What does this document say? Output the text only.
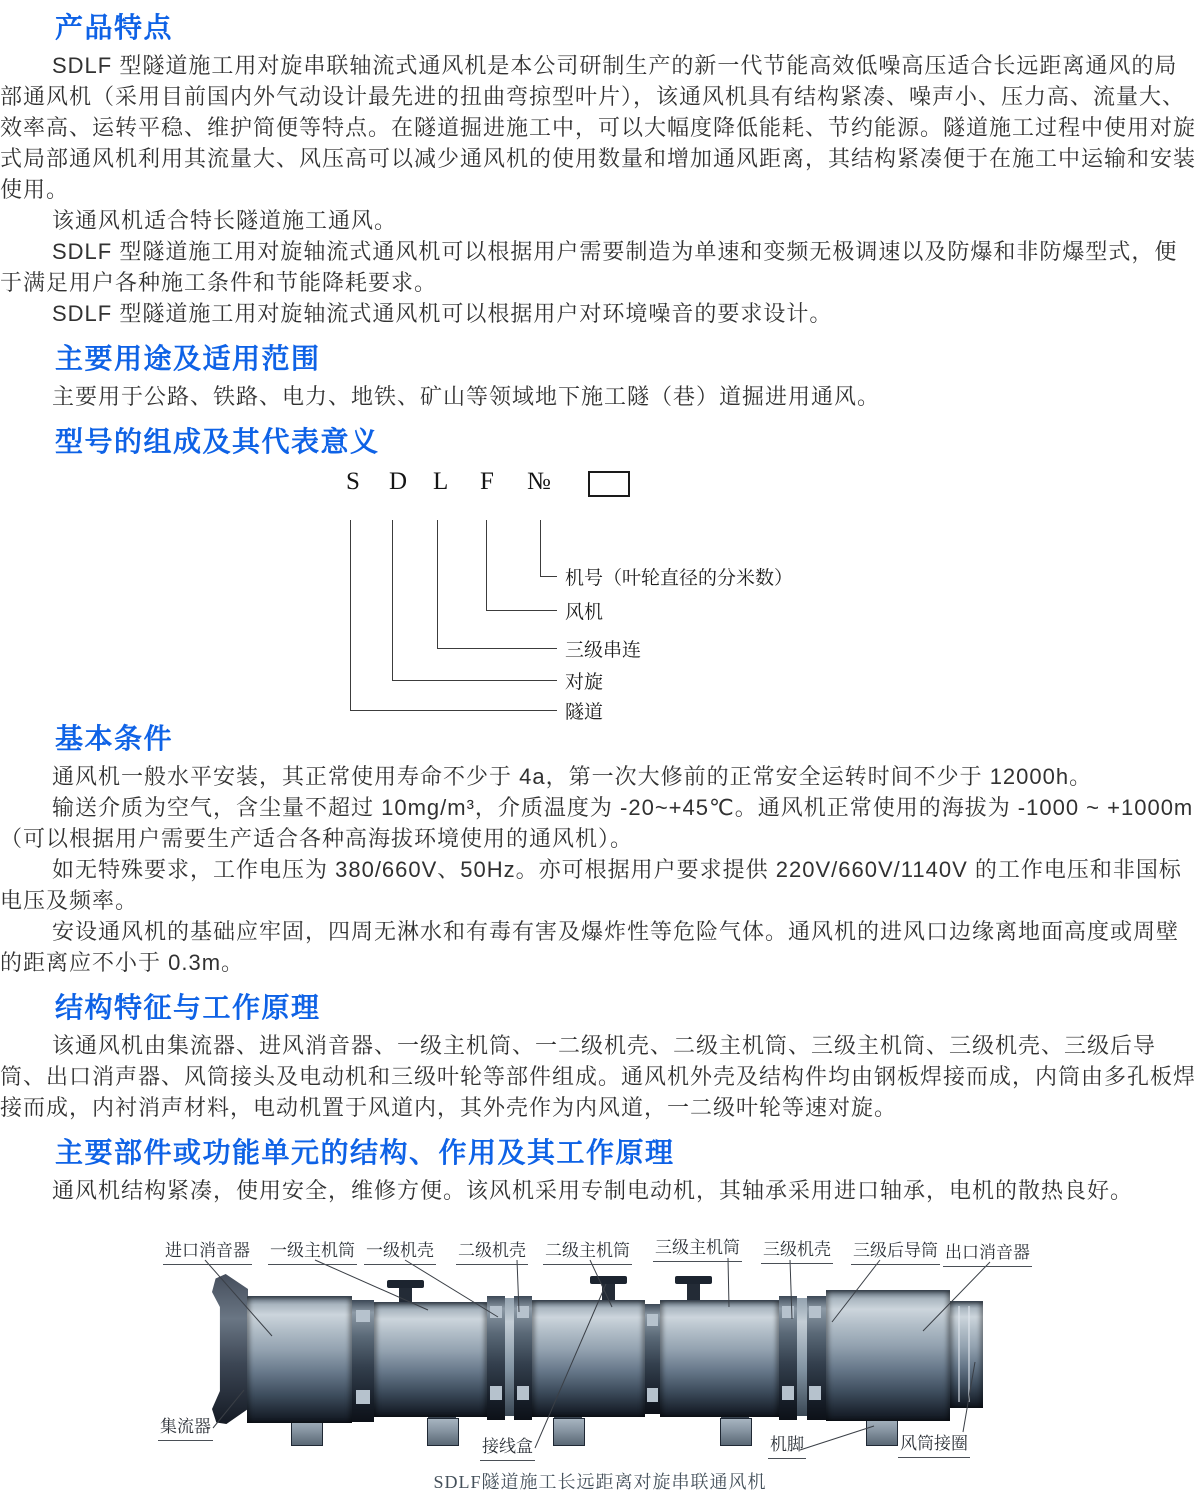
产品特点

SDLF 型隧道施工用对旋串联轴流式通风机是本公司研制生产的新一代节能高效低噪高压适合长远距离通风的局部通风机（采用目前国内外气动设计最先进的扭曲弯掠型叶片），该通风机具有结构紧凑、噪声小、压力高、流量大、效率高、运转平稳、维护简便等特点。在隧道掘进施工中，可以大幅度降低能耗、节约能源。隧道施工过程中使用对旋式局部通风机利用其流量大、风压高可以减少通风机的使用数量和增加通风距离，其结构紧凑便于在施工中运输和安装使用。

该通风机适合特长隧道施工通风。

SDLF 型隧道施工用对旋轴流式通风机可以根据用户需要制造为单速和变频无极调速以及防爆和非防爆型式，便于满足用户各种施工条件和节能降耗要求。

SDLF 型隧道施工用对旋轴流式通风机可以根据用户对环境噪音的要求设计。

主要用途及适用范围

主要用于公路、铁路、电力、地铁、矿山等领域地下施工隧（巷）道掘进用通风。

型号的组成及其代表意义
S D L F №
机号（叶轮直径的分米数）
风机
三级串连
对旋
隧道
基本条件

通风机一般水平安装，其正常使用寿命不少于 4a，第一次大修前的正常安全运转时间不少于 12000h。

输送介质为空气，含尘量不超过 10mg/m³，介质温度为 -20~+45℃。通风机正常使用的海拔为 -1000 ~ +1000m（可以根据用户需要生产适合各种高海拔环境使用的通风机）。

如无特殊要求，工作电压为 380/660V、50Hz。亦可根据用户要求提供 220V/660V/1140V 的工作电压和非国标电压及频率。

安设通风机的基础应牢固，四周无淋水和有毒有害及爆炸性等危险气体。通风机的进风口边缘离地面高度或周壁的距离应不小于 0.3m。

结构特征与工作原理

该通风机由集流器、进风消音器、一级主机筒、一二级机壳、二级主机筒、三级主机筒、三级机壳、三级后导筒、出口消声器、风筒接头及电动机和三级叶轮等部件组成。通风机外壳及结构件均由钢板焊接而成，内筒由多孔板焊接而成，内衬消声材料，电动机置于风道内，其外壳作为内风道，一二级叶轮等速对旋。

主要部件或功能单元的结构、作用及其工作原理

通风机结构紧凑，使用安全，维修方便。该风机采用专制电动机，其轴承采用进口轴承，电机的散热良好。

进口消音器 一级主机筒 一级机壳 二级机壳 二级主机筒 三级主机筒 三级机壳 三级后导筒 出口消音器
集流器
接线盒	机脚	风筒接圈
SDLF隧道施工长远距离对旋串联通风机
